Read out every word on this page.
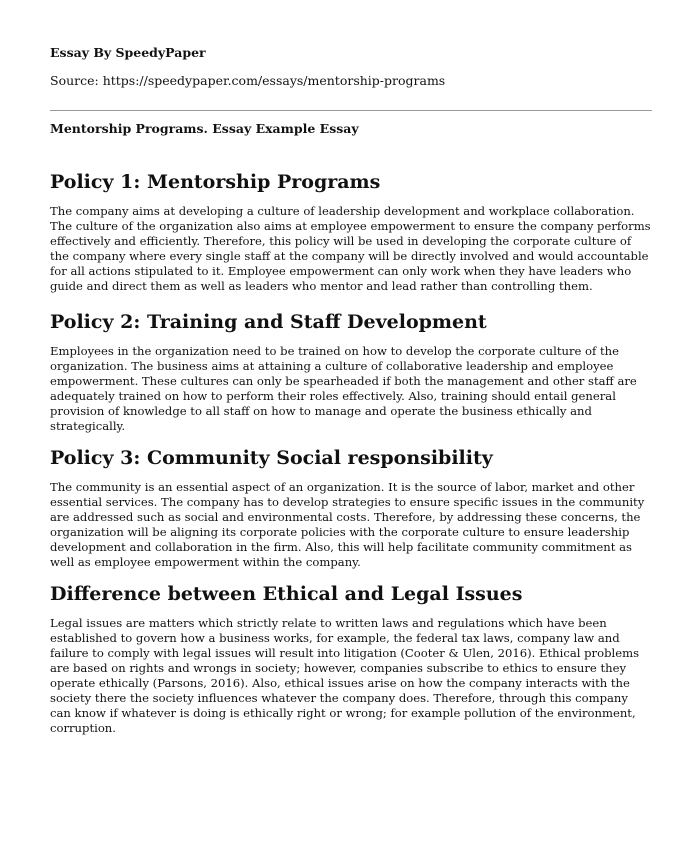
Essay By SpeedyPaper

Source: https://speedypaper.com/essays/mentorship-programs

Mentorship Programs. Essay Example Essay

Policy 1: Mentorship Programs

The company aims at developing a culture of leadership development and workplace collaboration. The culture of the organization also aims at employee empowerment to ensure the company performs effectively and efficiently. Therefore, this policy will be used in developing the corporate culture of the company where every single staff at the company will be directly involved and would accountable for all actions stipulated to it. Employee empowerment can only work when they have leaders who guide and direct them as well as leaders who mentor and lead rather than controlling them.

Policy 2: Training and Staff Development

Employees in the organization need to be trained on how to develop the corporate culture of the organization. The business aims at attaining a culture of collaborative leadership and employee empowerment. These cultures can only be spearheaded if both the management and other staff are adequately trained on how to perform their roles effectively. Also, training should entail general provision of knowledge to all staff on how to manage and operate the business ethically and strategically.

Policy 3: Community Social responsibility

The community is an essential aspect of an organization. It is the source of labor, market and other essential services. The company has to develop strategies to ensure specific issues in the community are addressed such as social and environmental costs. Therefore, by addressing these concerns, the organization will be aligning its corporate policies with the corporate culture to ensure leadership development and collaboration in the firm. Also, this will help facilitate community commitment as well as employee empowerment within the company.

Difference between Ethical and Legal Issues

Legal issues are matters which strictly relate to written laws and regulations which have been established to govern how a business works, for example, the federal tax laws, company law and failure to comply with legal issues will result into litigation (Cooter & Ulen, 2016). Ethical problems are based on rights and wrongs in society; however, companies subscribe to ethics to ensure they operate ethically (Parsons, 2016). Also, ethical issues arise on how the company interacts with the society there the society influences whatever the company does. Therefore, through this company can know if whatever is doing is ethically right or wrong; for example pollution of the environment, corruption.
